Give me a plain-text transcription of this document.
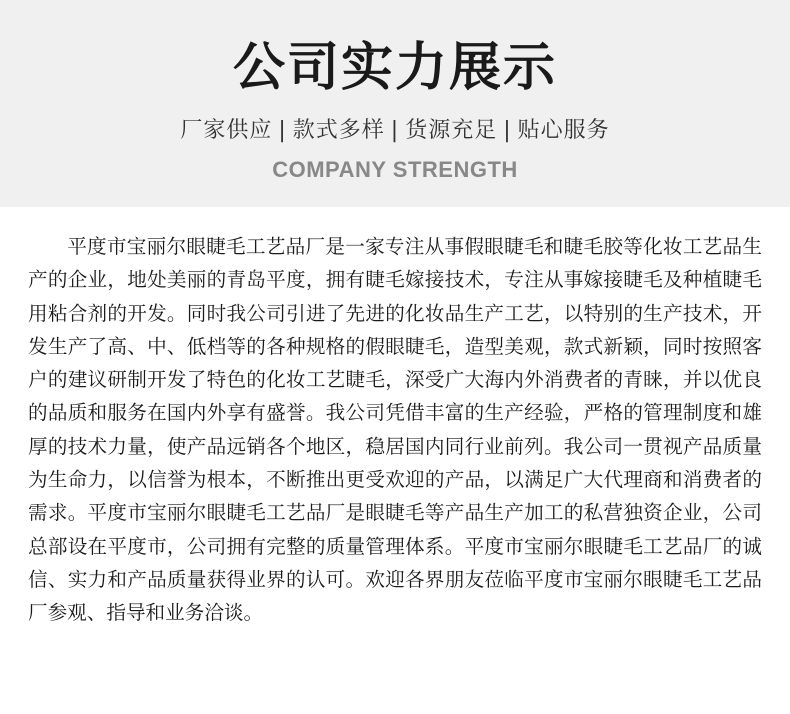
公司实力展示
厂家供应 | 款式多样 | 货源充足 | 贴心服务
COMPANY STRENGTH

平度市宝丽尔眼睫毛工艺品厂是一家专注从事假眼睫毛和睫毛胶等化妆工艺品生产的企业，地处美丽的青岛平度，拥有睫毛嫁接技术，专注从事嫁接睫毛及种植睫毛用粘合剂的开发。同时我公司引进了先进的化妆品生产工艺，以特别的生产技术，开发生产了高、中、低档等的各种规格的假眼睫毛，造型美观，款式新颖，同时按照客户的建议研制开发了特色的化妆工艺睫毛，深受广大海内外消费者的青睐，并以优良的品质和服务在国内外享有盛誉。我公司凭借丰富的生产经验，严格的管理制度和雄厚的技术力量，使产品远销各个地区，稳居国内同行业前列。我公司一贯视产品质量为生命力，以信誉为根本，不断推出更受欢迎的产品，以满足广大代理商和消费者的需求。平度市宝丽尔眼睫毛工艺品厂是眼睫毛等产品生产加工的私营独资企业，公司总部设在平度市，公司拥有完整的质量管理体系。平度市宝丽尔眼睫毛工艺品厂的诚信、实力和产品质量获得业界的认可。欢迎各界朋友莅临平度市宝丽尔眼睫毛工艺品厂参观、指导和业务洽谈。
